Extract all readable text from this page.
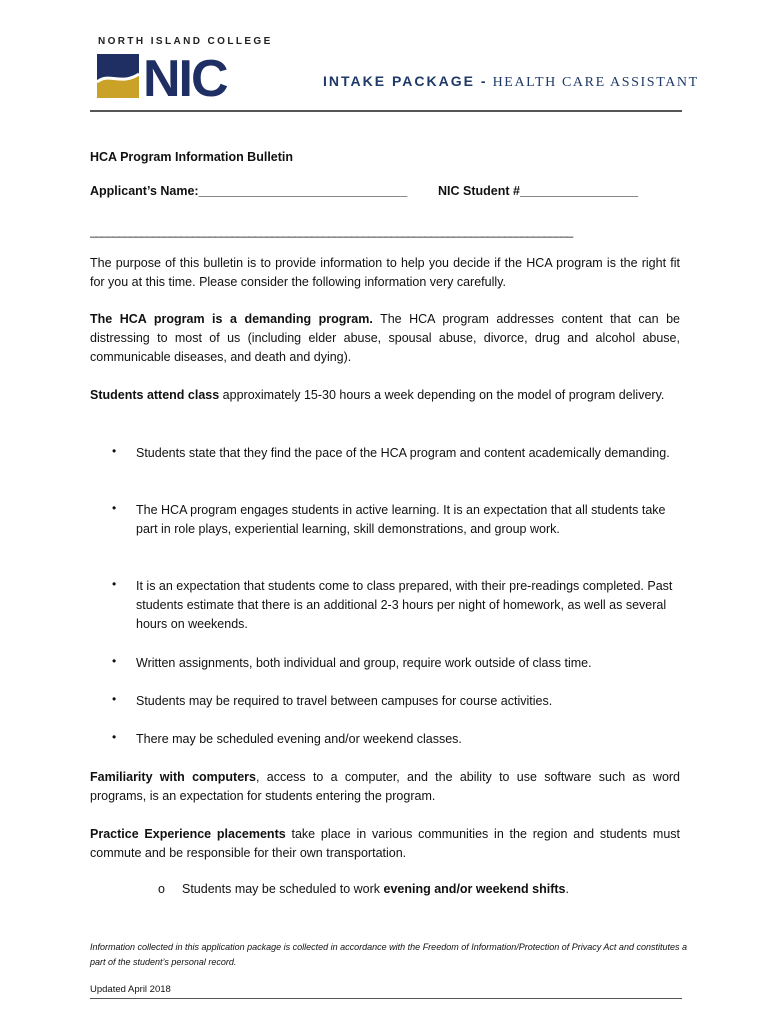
NORTH ISLAND COLLEGE
NIC	INTAKE PACKAGE - HEALTH CARE ASSISTANT
HCA Program Information Bulletin
Applicant’s Name:______________________________ NIC Student #_________________
_____________________________________________________________________________________
The purpose of this bulletin is to provide information to help you decide if the HCA program is the right fit for you at this time. Please consider the following information very carefully.
The HCA program is a demanding program. The HCA program addresses content that can be distressing to most of us (including elder abuse, spousal abuse, divorce, drug and alcohol abuse, communicable diseases, and death and dying).
Students attend class approximately 15-30 hours a week depending on the model of program delivery.
• Students state that they find the pace of the HCA program and content academically demanding.
• The HCA program engages students in active learning. It is an expectation that all students take part in role plays, experiential learning, skill demonstrations, and group work.
• It is an expectation that students come to class prepared, with their pre-readings completed. Past students estimate that there is an additional 2-3 hours per night of homework, as well as several hours on weekends.
• Written assignments, both individual and group, require work outside of class time.
• Students may be required to travel between campuses for course activities.
• There may be scheduled evening and/or weekend classes.
Familiarity with computers, access to a computer, and the ability to use software such as word programs, is an expectation for students entering the program.
Practice Experience placements take place in various communities in the region and students must commute and be responsible for their own transportation.
o Students may be scheduled to work evening and/or weekend shifts.
Information collected in this application package is collected in accordance with the Freedom of Information/Protection of Privacy Act and constitutes a part of the student’s personal record.
Updated April 2018
